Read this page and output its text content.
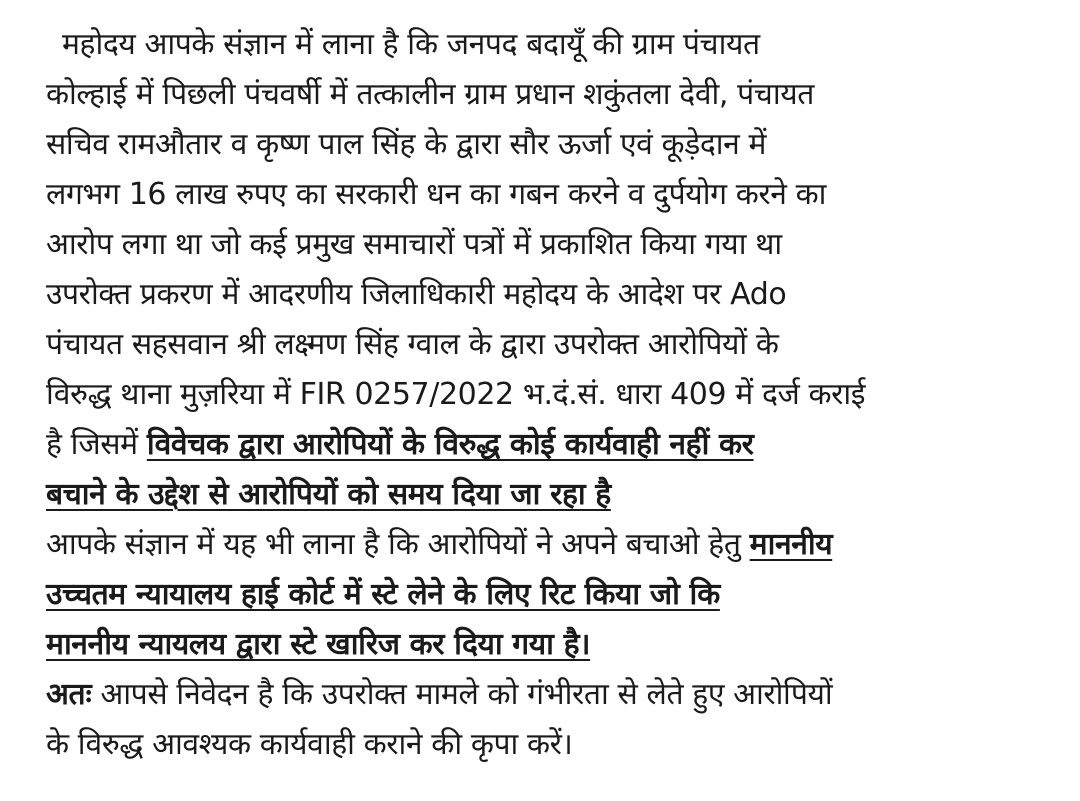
महोदय आपके संज्ञान में लाना है कि जनपद बदायूँ की ग्राम पंचायत
कोल्हाई में पिछली पंचवर्षी में तत्कालीन ग्राम प्रधान शकुंतला देवी, पंचायत
सचिव रामऔतार व कृष्ण पाल सिंह के द्वारा सौर ऊर्जा एवं कूड़ेदान में
लगभग 16 लाख रुपए का सरकारी धन का गबन करने व दुर्पयोग करने का
आरोप लगा था जो कई प्रमुख समाचारों पत्रों में प्रकाशित किया गया था
उपरोक्त प्रकरण में आदरणीय जिलाधिकारी महोदय के आदेश पर Ado
पंचायत सहसवान श्री लक्ष्मण सिंह ग्वाल के द्वारा उपरोक्त आरोपियों के
विरुद्ध थाना मुज़रिया में FIR 0257/2022 भ.दं.सं. धारा 409 में दर्ज कराई
है जिसमें विवेचक द्वारा आरोपियों के विरुद्ध कोई कार्यवाही नहीं कर
बचाने के उद्देश से आरोपियों को समय दिया जा रहा है
आपके संज्ञान में यह भी लाना है कि आरोपियों ने अपने बचाओ हेतु माननीय
उच्चतम न्यायालय हाई कोर्ट में स्टे लेने के लिए रिट किया जो कि
माननीय न्यायलय द्वारा स्टे खारिज कर दिया गया है।
अतः आपसे निवेदन है कि उपरोक्त मामले को गंभीरता से लेते हुए आरोपियों
के विरुद्ध आवश्यक कार्यवाही कराने की कृपा करें।
